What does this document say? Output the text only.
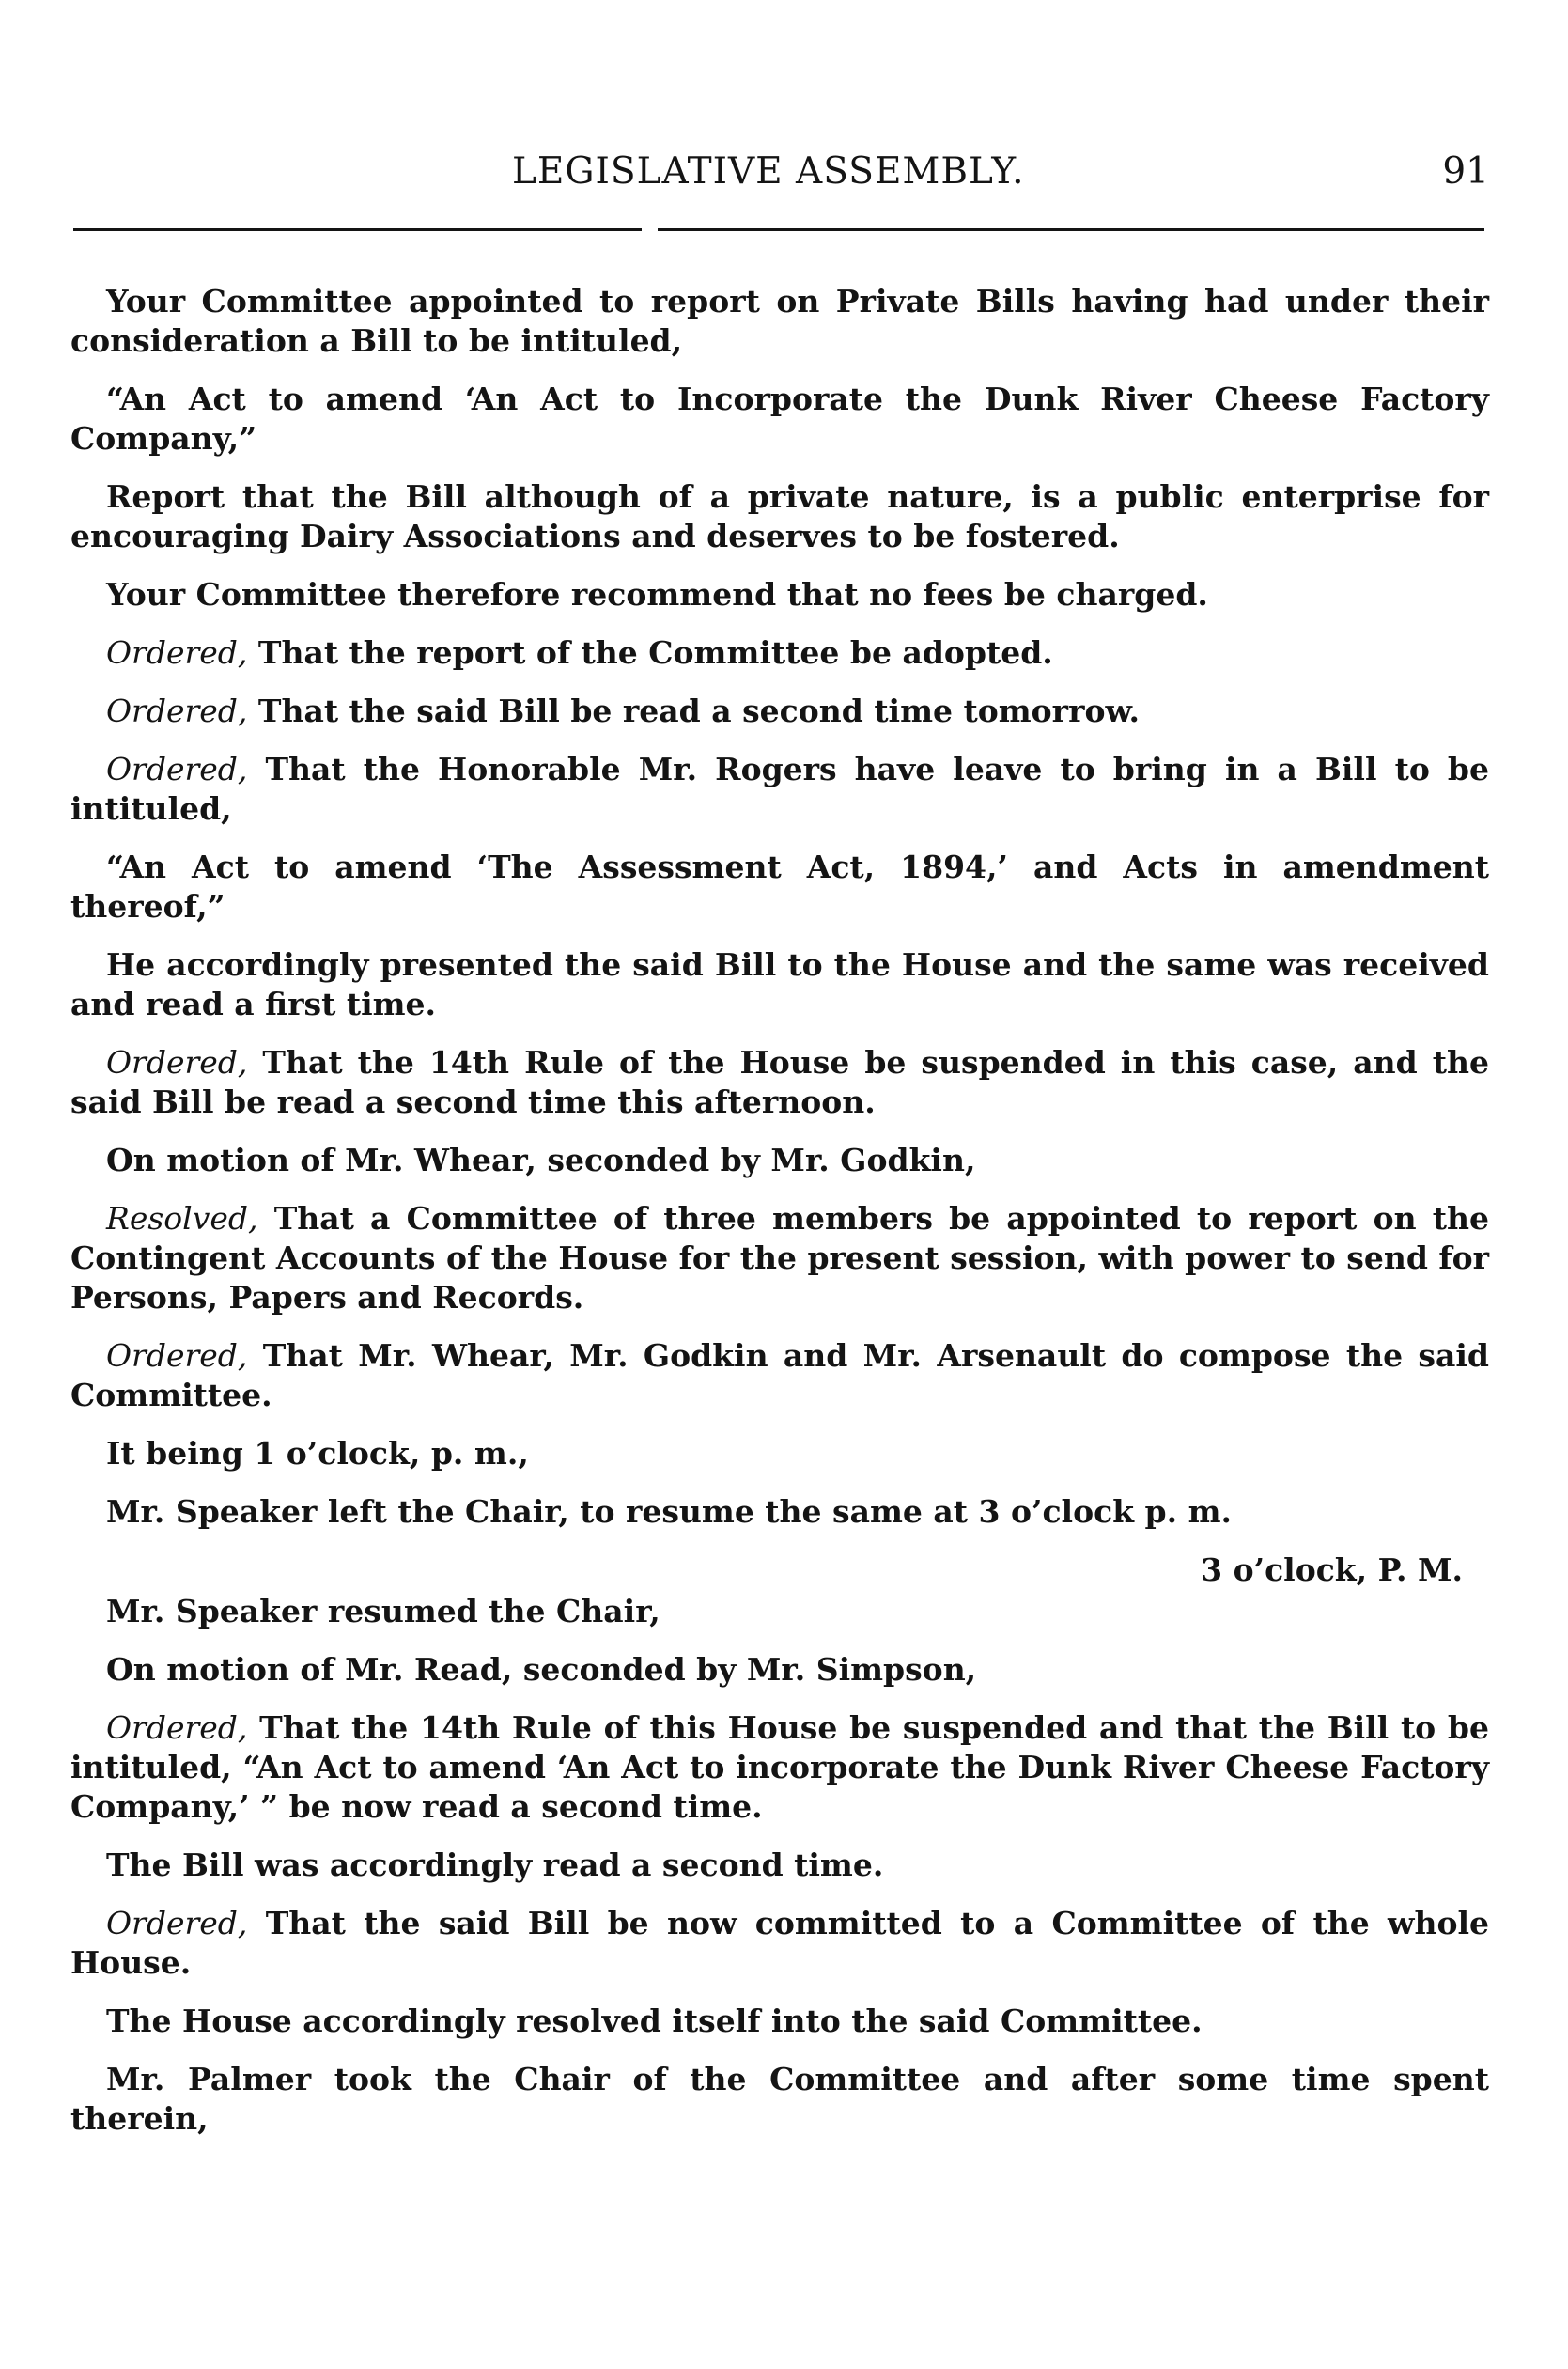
LEGISLATIVE ASSEMBLY.	91

Your Committee appointed to report on Private Bills having had under their consideration a Bill to be intituled,

“An Act to amend ‘An Act to Incorporate the Dunk River Cheese Factory Company,”

Report that the Bill although of a private nature, is a public enterprise for encouraging Dairy Associations and deserves to be fostered.

Your Committee therefore recommend that no fees be charged.

Ordered, That the report of the Committee be adopted.

Ordered, That the said Bill be read a second time tomorrow.

Ordered, That the Honorable Mr. Rogers have leave to bring in a Bill to be intituled,

“An Act to amend ‘The Assessment Act, 1894,’ and Acts in amendment thereof,”

He accordingly presented the said Bill to the House and the same was received and read a first time.

Ordered, That the 14th Rule of the House be suspended in this case, and the said Bill be read a second time this afternoon.

On motion of Mr. Whear, seconded by Mr. Godkin,

Resolved, That a Committee of three members be appointed to report on the Contingent Accounts of the House for the present session, with power to send for Persons, Papers and Records.

Ordered, That Mr. Whear, Mr. Godkin and Mr. Arsenault do compose the said Committee.

It being 1 o’clock, p. m.,

Mr. Speaker left the Chair, to resume the same at 3 o’clock p. m.

3 o’clock, P. M.

Mr. Speaker resumed the Chair,

On motion of Mr. Read, seconded by Mr. Simpson,

Ordered, That the 14th Rule of this House be suspended and that the Bill to be intituled, “An Act to amend ‘An Act to incorporate the Dunk River Cheese Factory Company,’ ” be now read a second time.

The Bill was accordingly read a second time.

Ordered, That the said Bill be now committed to a Committee of the whole House.

The House accordingly resolved itself into the said Committee.

Mr. Palmer took the Chair of the Committee and after some time spent therein,
